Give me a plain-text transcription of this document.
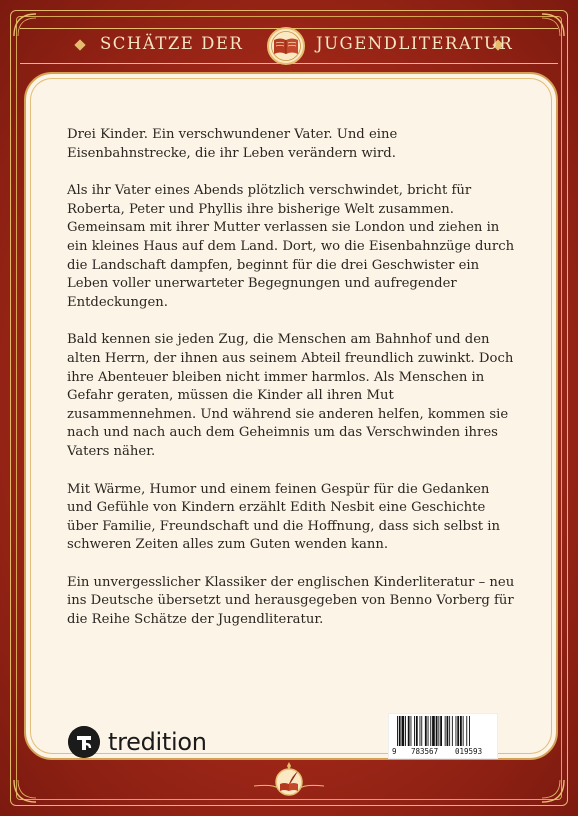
SCHÄTZE DER	JUGENDLITERATUR

Drei Kinder. Ein verschwundener Vater. Und eine Eisenbahnstrecke, die ihr Leben verändern wird.

Als ihr Vater eines Abends plötzlich verschwindet, bricht für Roberta, Peter und Phyllis ihre bisherige Welt zusammen. Gemeinsam mit ihrer Mutter verlassen sie London und ziehen in ein kleines Haus auf dem Land. Dort, wo die Eisenbahnzüge durch die Landschaft dampfen, beginnt für die drei Geschwister ein Leben voller unerwarteter Begegnungen und aufregender Entdeckungen.

Bald kennen sie jeden Zug, die Menschen am Bahnhof und den alten Herrn, der ihnen aus seinem Abteil freundlich zuwinkt. Doch ihre Abenteuer bleiben nicht immer harmlos. Als Menschen in Gefahr geraten, müssen die Kinder all ihren Mut zusammennehmen. Und während sie anderen helfen, kommen sie nach und nach auch dem Geheimnis um das Verschwinden ihres Vaters näher.

Mit Wärme, Humor und einem feinen Gespür für die Gedanken und Gefühle von Kindern erzählt Edith Nesbit eine Geschichte über Familie, Freundschaft und die Hoffnung, dass sich selbst in schweren Zeiten alles zum Guten wenden kann.

Ein unvergesslicher Klassiker der englischen Kinderliteratur – neu ins Deutsche übersetzt und herausgegeben von Benno Vorberg für die Reihe Schätze der Jugendliteratur.

tredition	9 783567 019593
